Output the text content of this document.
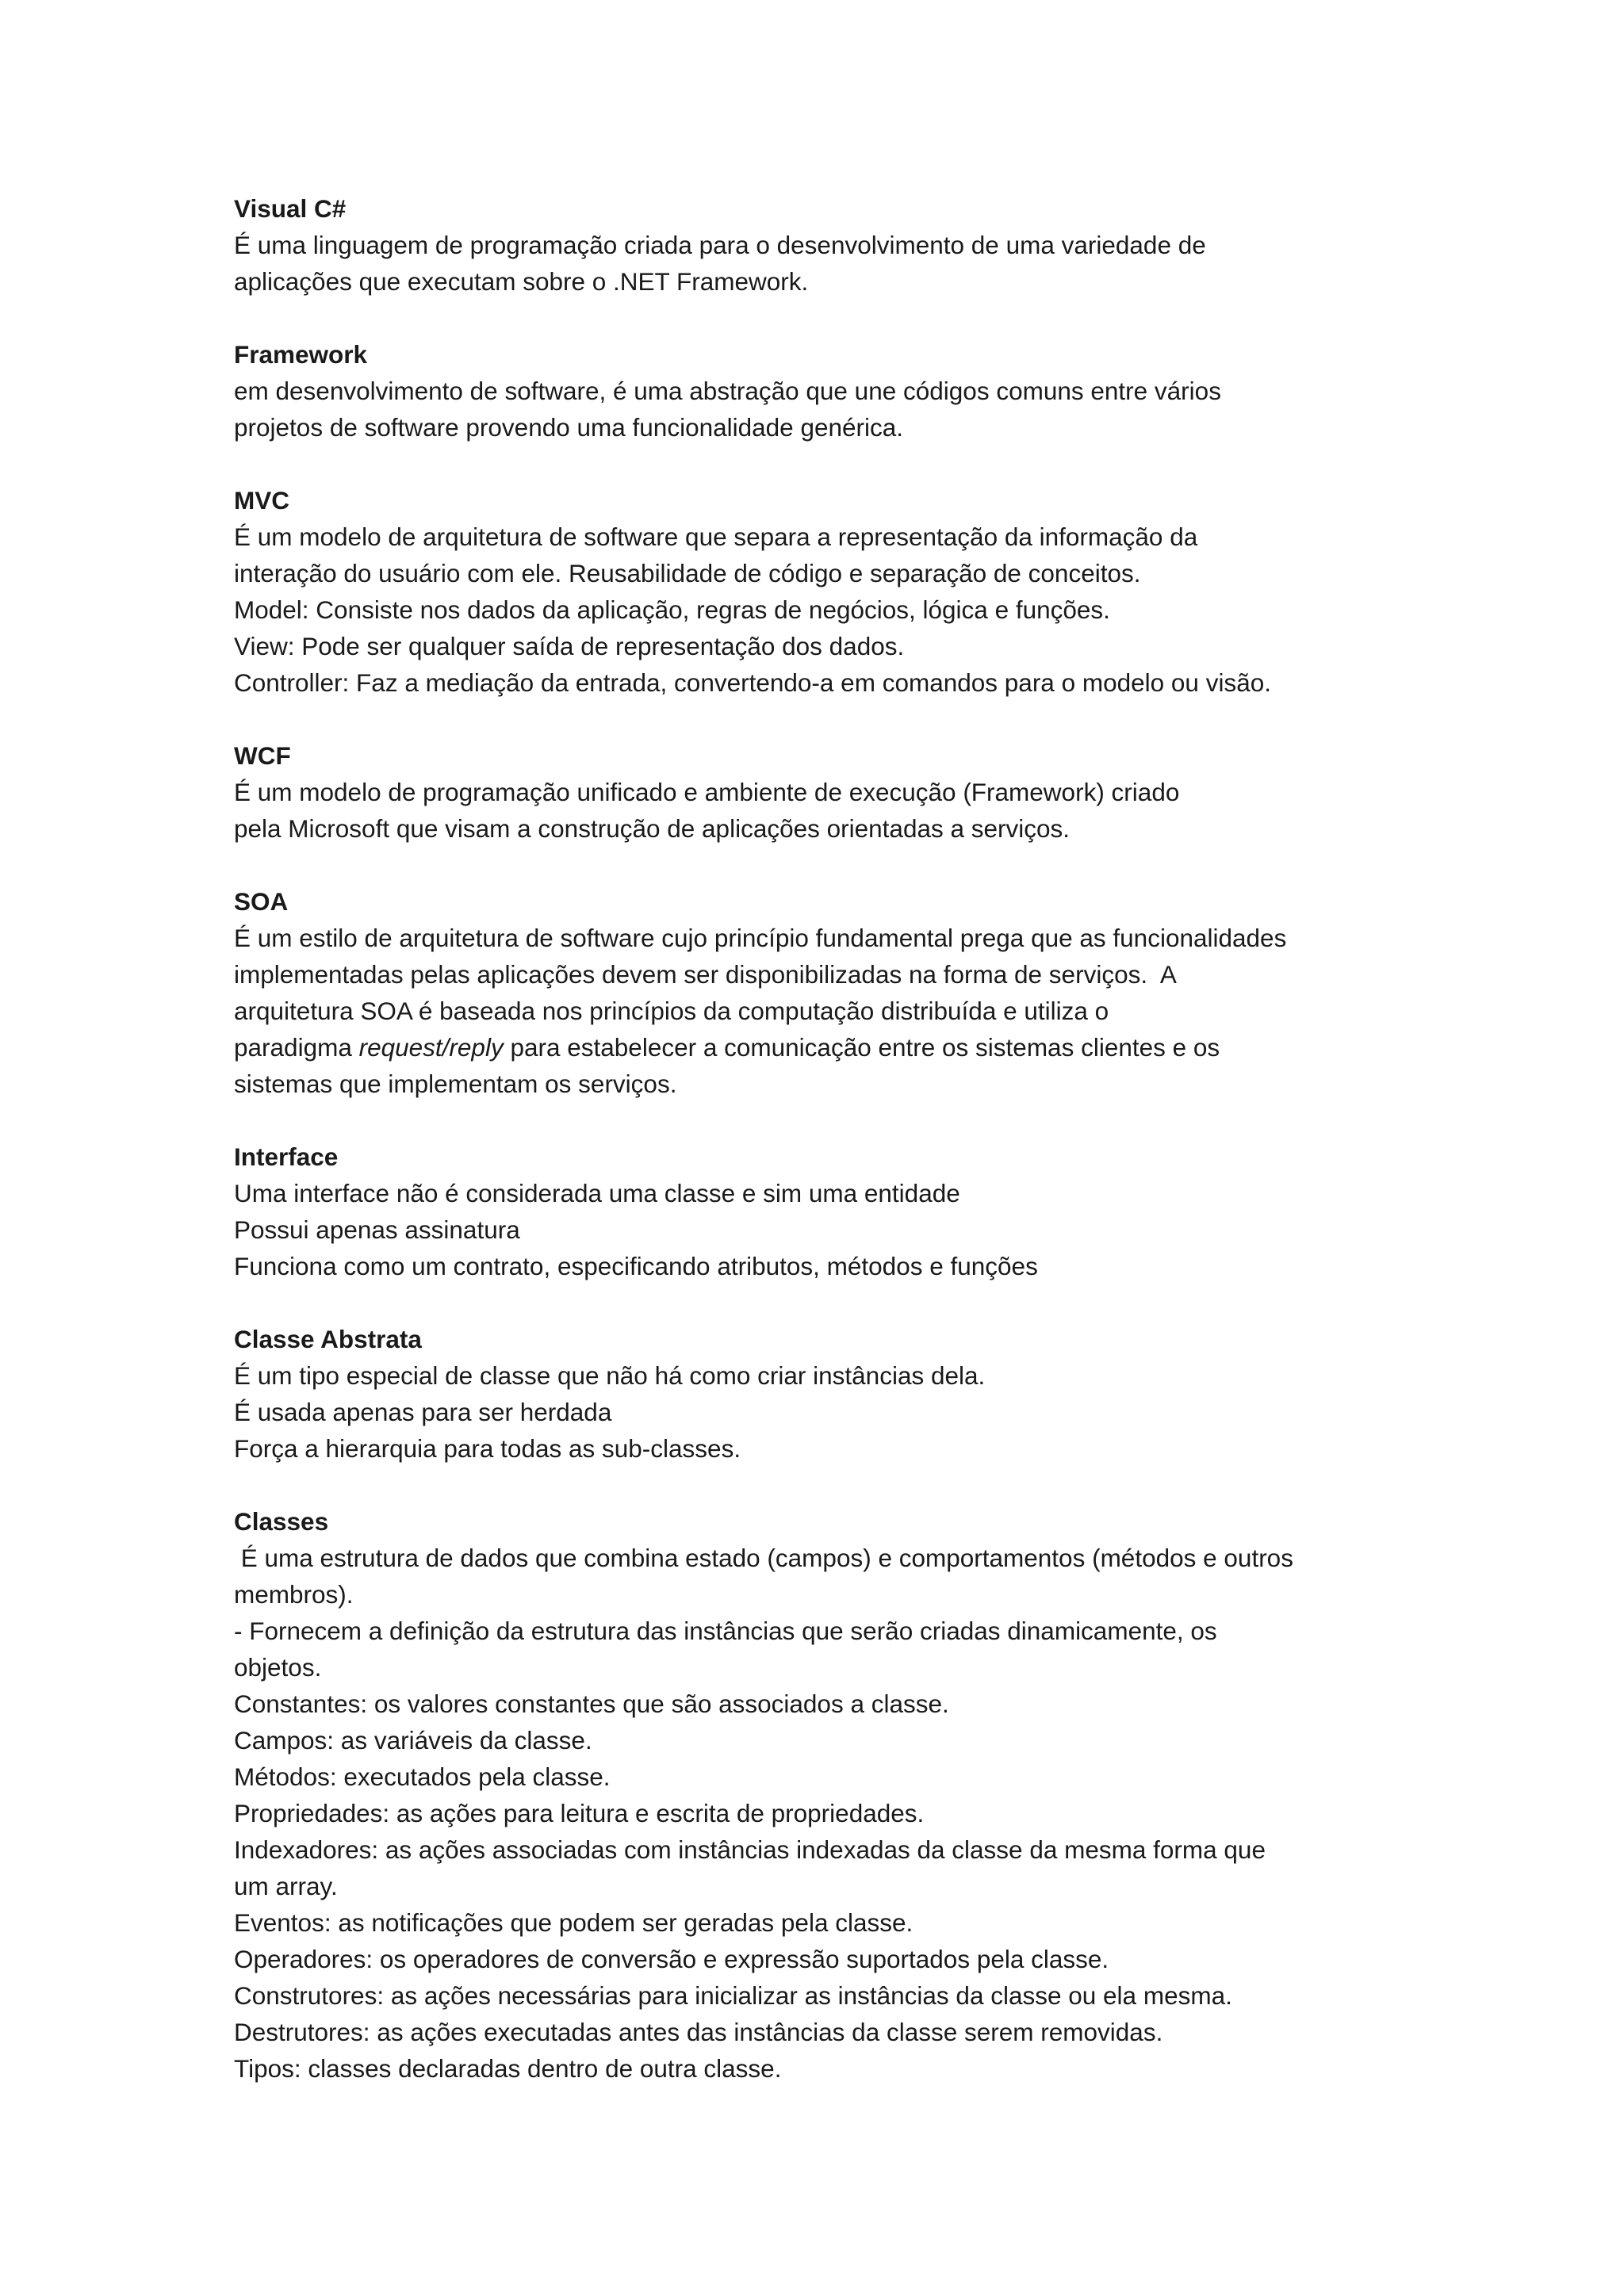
Visual C#
É uma linguagem de programação criada para o desenvolvimento de uma variedade de
aplicações que executam sobre o .NET Framework.
Framework
em desenvolvimento de software, é uma abstração que une códigos comuns entre vários
projetos de software provendo uma funcionalidade genérica.
MVC
É um modelo de arquitetura de software que separa a representação da informação da
interação do usuário com ele. Reusabilidade de código e separação de conceitos.
Model: Consiste nos dados da aplicação, regras de negócios, lógica e funções.
View: Pode ser qualquer saída de representação dos dados.
Controller: Faz a mediação da entrada, convertendo-a em comandos para o modelo ou visão.
WCF
É um modelo de programação unificado e ambiente de execução (Framework) criado
pela Microsoft que visam a construção de aplicações orientadas a serviços.
SOA
É um estilo de arquitetura de software cujo princípio fundamental prega que as funcionalidades
implementadas pelas aplicações devem ser disponibilizadas na forma de serviços.  A
arquitetura SOA é baseada nos princípios da computação distribuída e utiliza o
paradigma request/reply para estabelecer a comunicação entre os sistemas clientes e os
sistemas que implementam os serviços.
Interface
Uma interface não é considerada uma classe e sim uma entidade
Possui apenas assinatura
Funciona como um contrato, especificando atributos, métodos e funções
Classe Abstrata
É um tipo especial de classe que não há como criar instâncias dela.
É usada apenas para ser herdada
Força a hierarquia para todas as sub-classes.
Classes
É uma estrutura de dados que combina estado (campos) e comportamentos (métodos e outros
membros).
- Fornecem a definição da estrutura das instâncias que serão criadas dinamicamente, os
objetos.
Constantes: os valores constantes que são associados a classe.
Campos: as variáveis da classe.
Métodos: executados pela classe.
Propriedades: as ações para leitura e escrita de propriedades.
Indexadores: as ações associadas com instâncias indexadas da classe da mesma forma que
um array.
Eventos: as notificações que podem ser geradas pela classe.
Operadores: os operadores de conversão e expressão suportados pela classe.
Construtores: as ações necessárias para inicializar as instâncias da classe ou ela mesma.
Destrutores: as ações executadas antes das instâncias da classe serem removidas.
Tipos: classes declaradas dentro de outra classe.
